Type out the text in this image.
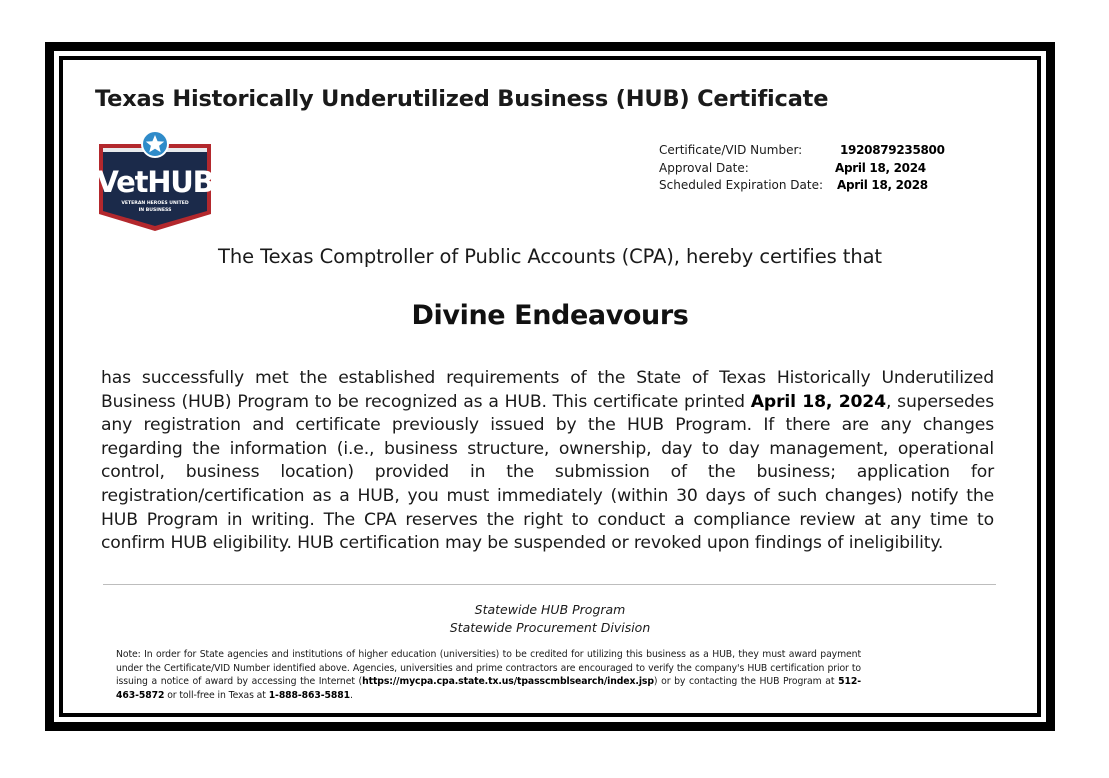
Texas Historically Underutilized Business (HUB) Certificate
VetHUB
VETERAN HEROES UNITED
IN BUSINESS
Certificate/VID Number:	1920879235800
Approval Date:	April 18, 2024
Scheduled Expiration Date: April 18, 2028
The Texas Comptroller of Public Accounts (CPA), hereby certifies that
Divine Endeavours
has successfully met the established requirements of the State of Texas Historically Underutilized Business (HUB) Program to be recognized as a HUB. This certificate printed April 18, 2024, supersedes any registration and certificate previously issued by the HUB Program. If there are any changes regarding the information (i.e., business structure, ownership, day to day management, operational control, business location) provided in the submission of the business; application for registration/certification as a HUB, you must immediately (within 30 days of such changes) notify the HUB Program in writing. The CPA reserves the right to conduct a compliance review at any time to confirm HUB eligibility. HUB certification may be suspended or revoked upon findings of ineligibility.
Statewide HUB Program
Statewide Procurement Division
Note: In order for State agencies and institutions of higher education (universities) to be credited for utilizing this business as a HUB, they must award payment under the Certificate/VID Number identified above. Agencies, universities and prime contractors are encouraged to verify the company's HUB certification prior to issuing a notice of award by accessing the Internet (https://mycpa.cpa.state.tx.us/tpasscmblsearch/index.jsp) or by contacting the HUB Program at 512-463-5872 or toll-free in Texas at 1-888-863-5881.
